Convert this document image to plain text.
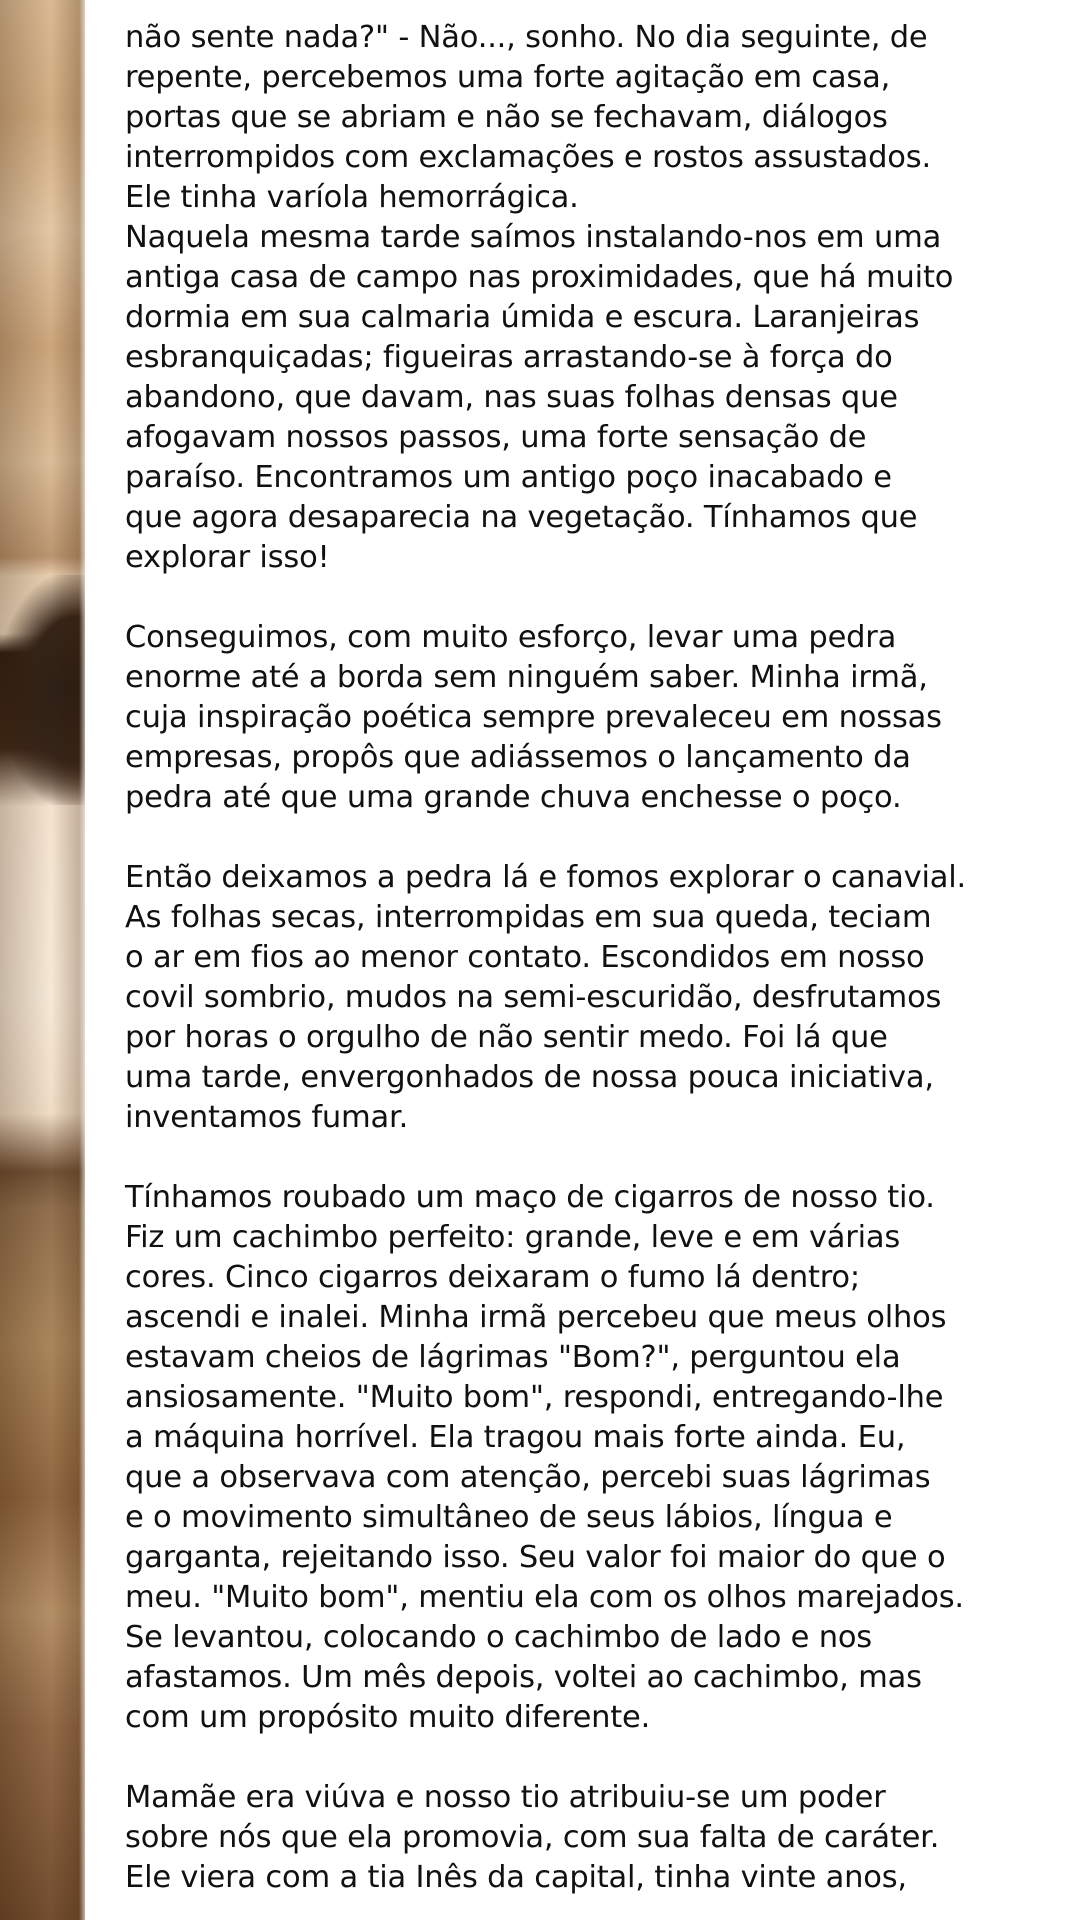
não sente nada?" - Não..., sonho. No dia seguinte, de
repente, percebemos uma forte agitação em casa,
portas que se abriam e não se fechavam, diálogos
interrompidos com exclamações e rostos assustados.
Ele tinha varíola hemorrágica.
Naquela mesma tarde saímos instalando-nos em uma
antiga casa de campo nas proximidades, que há muito
dormia em sua calmaria úmida e escura. Laranjeiras
esbranquiçadas; figueiras arrastando-se à força do
abandono, que davam, nas suas folhas densas que
afogavam nossos passos, uma forte sensação de
paraíso. Encontramos um antigo poço inacabado e
que agora desaparecia na vegetação. Tínhamos que
explorar isso!

Conseguimos, com muito esforço, levar uma pedra
enorme até a borda sem ninguém saber. Minha irmã,
cuja inspiração poética sempre prevaleceu em nossas
empresas, propôs que adiássemos o lançamento da
pedra até que uma grande chuva enchesse o poço.

Então deixamos a pedra lá e fomos explorar o canavial.
As folhas secas, interrompidas em sua queda, teciam
o ar em fios ao menor contato. Escondidos em nosso
covil sombrio, mudos na semi-escuridão, desfrutamos
por horas o orgulho de não sentir medo. Foi lá que
uma tarde, envergonhados de nossa pouca iniciativa,
inventamos fumar.

Tínhamos roubado um maço de cigarros de nosso tio.
Fiz um cachimbo perfeito: grande, leve e em várias
cores. Cinco cigarros deixaram o fumo lá dentro;
ascendi e inalei. Minha irmã percebeu que meus olhos
estavam cheios de lágrimas "Bom?", perguntou ela
ansiosamente. "Muito bom", respondi, entregando-lhe
a máquina horrível. Ela tragou mais forte ainda. Eu,
que a observava com atenção, percebi suas lágrimas
e o movimento simultâneo de seus lábios, língua e
garganta, rejeitando isso. Seu valor foi maior do que o
meu. "Muito bom", mentiu ela com os olhos marejados.
Se levantou, colocando o cachimbo de lado e nos
afastamos. Um mês depois, voltei ao cachimbo, mas
com um propósito muito diferente.

Mamãe era viúva e nosso tio atribuiu-se um poder
sobre nós que ela promovia, com sua falta de caráter.
Ele viera com a tia Inês da capital, tinha vinte anos,
